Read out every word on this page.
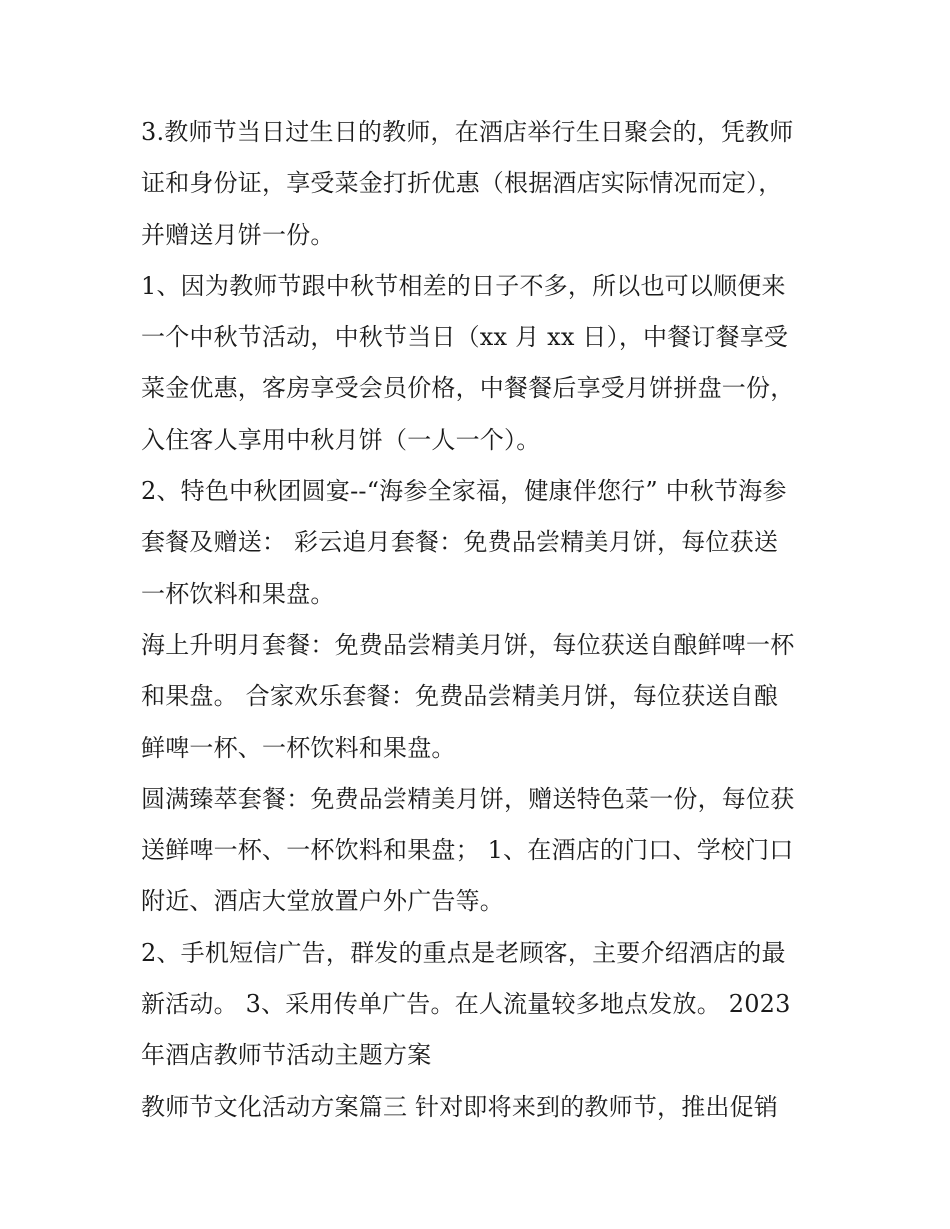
3.教师节当日过生日的教师，在酒店举行生日聚会的，凭教师
证和身份证，享受菜金打折优惠（根据酒店实际情况而定），
并赠送月饼一份。
1、因为教师节跟中秋节相差的日子不多，所以也可以顺便来
一个中秋节活动，中秋节当日（xx 月 xx 日），中餐订餐享受
菜金优惠，客房享受会员价格，中餐餐后享受月饼拼盘一份，
入住客人享用中秋月饼（一人一个）。
2、特色中秋团圆宴--“海参全家福，健康伴您行” 中秋节海参
套餐及赠送： 彩云追月套餐：免费品尝精美月饼，每位获送
一杯饮料和果盘。
海上升明月套餐：免费品尝精美月饼，每位获送自酿鲜啤一杯
和果盘。 合家欢乐套餐：免费品尝精美月饼，每位获送自酿
鲜啤一杯、一杯饮料和果盘。
圆满臻萃套餐：免费品尝精美月饼，赠送特色菜一份，每位获
送鲜啤一杯、一杯饮料和果盘； 1、在酒店的门口、学校门口
附近、酒店大堂放置户外广告等。
2、手机短信广告，群发的重点是老顾客，主要介绍酒店的最
新活动。 3、采用传单广告。在人流量较多地点发放。 2023
年酒店教师节活动主题方案
教师节文化活动方案篇三 针对即将来到的教师节，推出促销
